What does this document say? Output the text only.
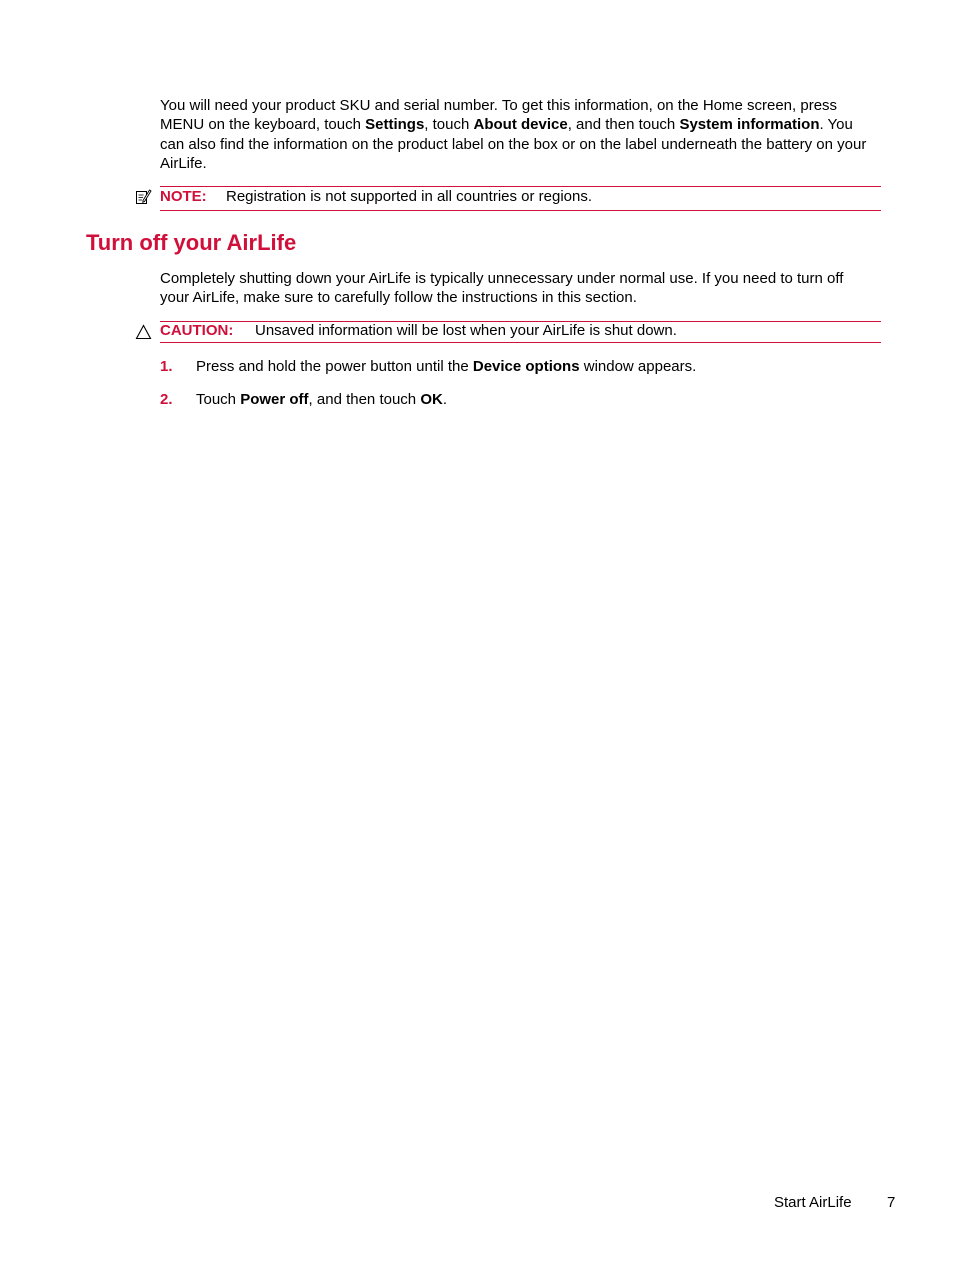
You will need your product SKU and serial number. To get this information, on the Home screen, press MENU on the keyboard, touch Settings, touch About device, and then touch System information. You can also find the information on the product label on the box or on the label underneath the battery on your AirLife.

NOTE: Registration is not supported in all countries or regions.
Turn off your AirLife

Completely shutting down your AirLife is typically unnecessary under normal use. If you need to turn off your AirLife, make sure to carefully follow the instructions in this section.

CAUTION: Unsaved information will be lost when your AirLife is shut down.
1. Press and hold the power button until the Device options window appears.
2. Touch Power off, and then touch OK.
Start AirLife 7
